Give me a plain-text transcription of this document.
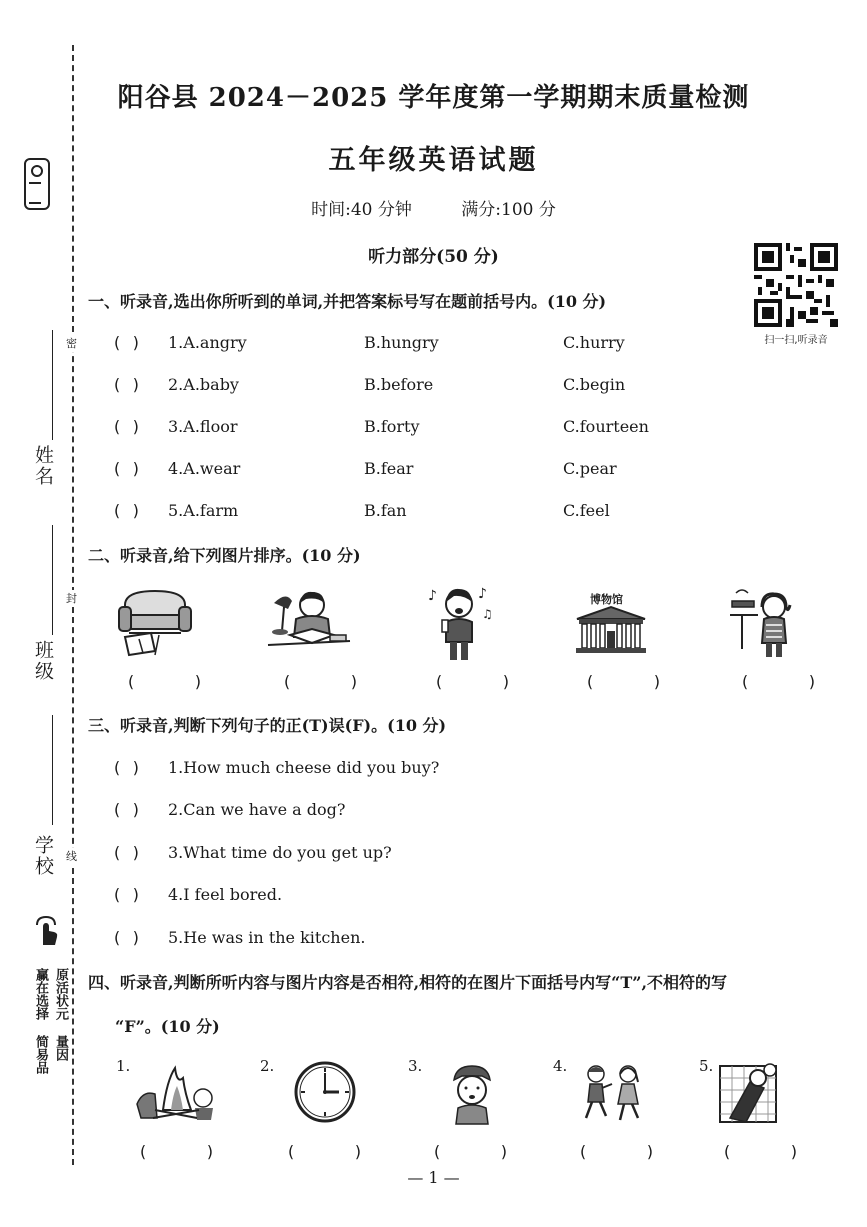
密
封
线
姓名
班级
学校
赢在选择 原活状元
简易品 量因
阳谷县 2024－2025 学年度第一学期期末质量检测
五年级英语试题
时间:40 分钟	满分:100 分
听力部分(50 分)
扫一扫,听录音
一、听录音,选出你所听到的单词,并把答案标号写在题前括号内。(10 分)
( ) 1.A.angry	B.hungry	C.hurry
( ) 2.A.baby	B.before	C.begin
( ) 3.A.floor	B.forty	C.fourteen
( ) 4.A.wear	B.fear	C.pear
( ) 5.A.farm	B.fan	C.feel
二、听录音,给下列图片排序。(10 分)
♪	♪
♫
博物馆
(      )	(      )	(      )	(      )	(      )
三、听录音,判断下列句子的正(T)误(F)。(10 分)
( ) 1.How much cheese did you buy?
( ) 2.Can we have a dog?
( ) 3.What time do you get up?
( ) 4.I feel bored.
( ) 5.He was in the kitchen.
四、听录音,判断所听内容与图片内容是否相符,相符的在图片下面括号内写“T”,不相符的写
“F”。(10 分)
1.	2.	3.	4.	5.
(      )	(      )	(      )	(      )	(      )
— 1 —
